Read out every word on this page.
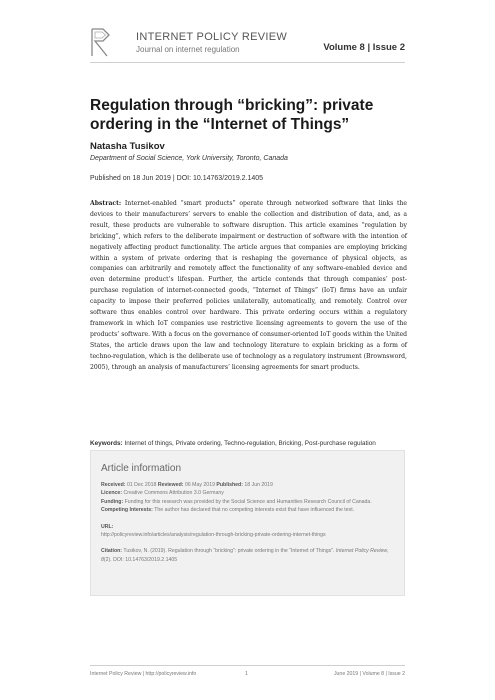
INTERNET POLICY REVIEW
Journal on internet regulation	Volume 8 | Issue 2
Regulation through “bricking”: private ordering in the “Internet of Things”
Natasha Tusikov
Department of Social Science, York University, Toronto, Canada
Published on 18 Jun 2019 | DOI: 10.14763/2019.2.1405
Abstract: Internet-enabled “smart products” operate through networked software that links the devices to their manufacturers’ servers to enable the collection and distribution of data, and, as a result, these products are vulnerable to software disruption. This article examines “regulation by bricking”, which refers to the deliberate impairment or destruction of software with the intention of negatively affecting product functionality. The article argues that companies are employing bricking within a system of private ordering that is reshaping the governance of physical objects, as companies can arbitrarily and remotely affect the functionality of any software-enabled device and even determine product’s lifespan. Further, the article contends that through companies’ post-purchase regulation of internet-connected goods, “Internet of Things” (IoT) firms have an unfair capacity to impose their preferred policies unilaterally, automatically, and remotely. Control over software thus enables control over hardware. This private ordering occurs within a regulatory framework in which IoT companies use restrictive licensing agreements to govern the use of the products’ software. With a focus on the governance of consumer-oriented IoT goods within the United States, the article draws upon the law and technology literature to explain bricking as a form of techno-regulation, which is the deliberate use of technology as a regulatory instrument (Brownsword, 2005), through an analysis of manufacturers’ licensing agreements for smart products.
Keywords: Internet of things, Private ordering, Techno-regulation, Bricking, Post-purchase regulation
Article information
Received: 01 Dec 2018 Reviewed: 06 May 2019 Published: 18 Jun 2019
Licence: Creative Commons Attribution 3.0 Germany
Funding: Funding for this research was provided by the Social Science and Humanities Research Council of Canada.
Competing Interests: The author has declared that no competing interests exist that have influenced the text.
URL:
http://policyreview.info/articles/analysis/regulation-through-bricking-private-ordering-internet-things
Citation: Tusikov, N. (2019). Regulation through “bricking”: private ordering in the “Internet of Things”. Internet Policy Review, 8(2). DOI: 10.14763/2019.2.1405
Internet Policy Review | http://policyreview.info	1	June 2019 | Volume 8 | Issue 2
